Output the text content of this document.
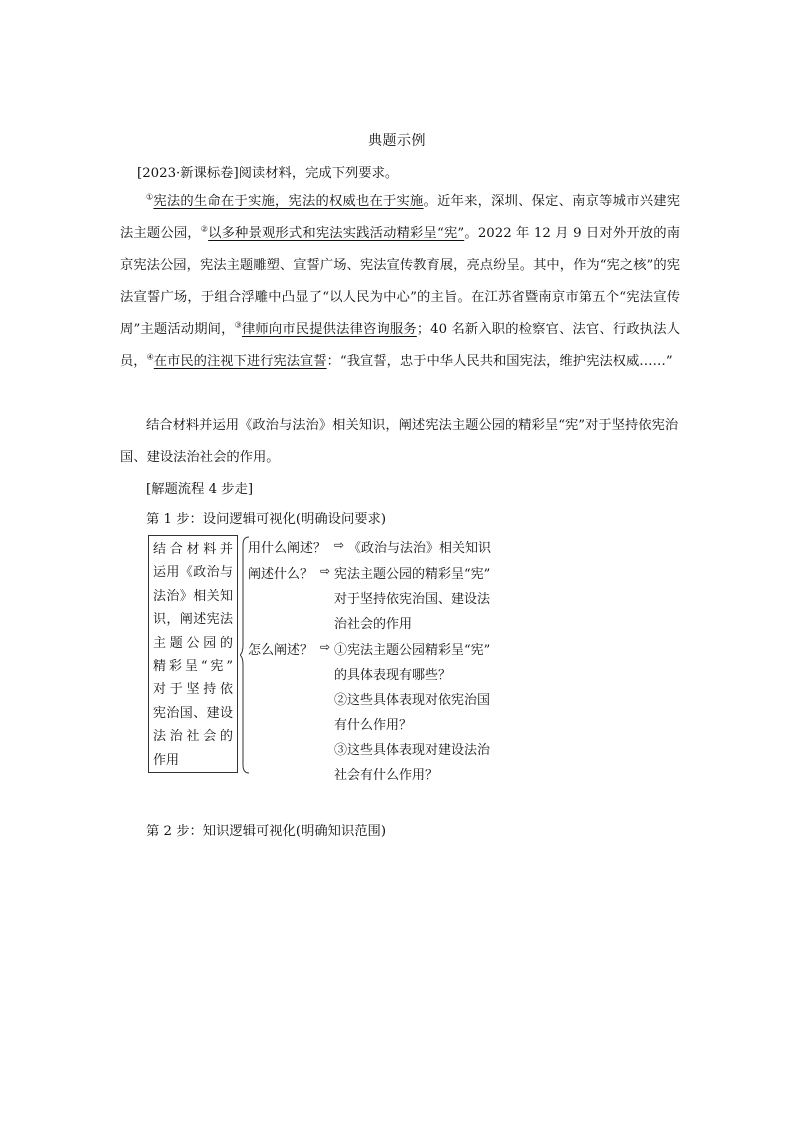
典题示例
[2023·新课标卷]阅读材料，完成下列要求。
①宪法的生命在于实施，宪法的权威也在于实施。近年来，深圳、保定、南京等城市兴建宪法主题公园，②以多种景观形式和宪法实践活动精彩呈“宪”。2022 年 12 月 9 日对外开放的南京宪法公园，宪法主题雕塑、宣誓广场、宪法宣传教育展，亮点纷呈。其中，作为“宪之核”的宪法宣誓广场，于组合浮雕中凸显了“以人民为中心”的主旨。在江苏省暨南京市第五个“宪法宣传周”主题活动期间，③律师向市民提供法律咨询服务；40 名新入职的检察官、法官、行政执法人员，④在市民的注视下进行宪法宣誓：“我宣誓，忠于中华人民共和国宪法，维护宪法权威……”
结合材料并运用《政治与法治》相关知识，阐述宪法主题公园的精彩呈“宪”对于坚持依宪治国、建设法治社会的作用。
[解题流程 4 步走]
第 1 步：设问逻辑可视化(明确设问要求)
结合材料并
运用《政治与
法治》相关知
识，阐述宪法
主题公园的
精彩呈“宪”
对于坚持依
宪治国、建设
法治社会的
作用
用什么阐述？ ⇨ 《政治与法治》相关知识
阐述什么？ ⇨ 宪法主题公园的精彩呈“宪”
对于坚持依宪治国、建设法
治社会的作用
怎么阐述？ ⇨ ①宪法主题公园精彩呈“宪”
的具体表现有哪些？
②这些具体表现对依宪治国
有什么作用？
③这些具体表现对建设法治
社会有什么作用？
第 2 步：知识逻辑可视化(明确知识范围)
